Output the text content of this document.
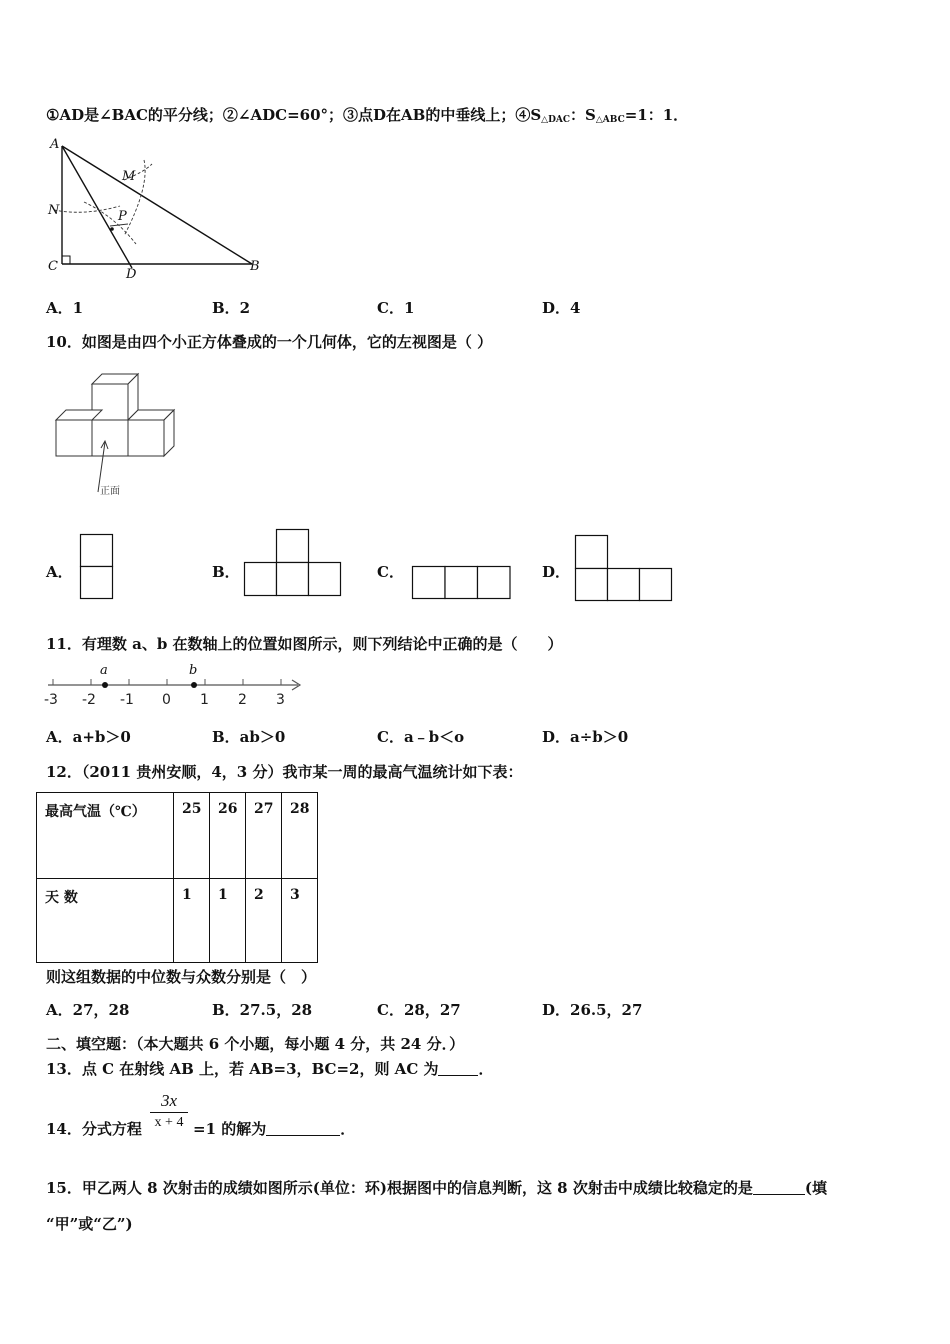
①AD是∠BAC的平分线；②∠ADC=60°；③点D在AB的中垂线上；$④S_{\triangle DAC}$：$S_{\triangle ABC}=1$：1．
A
C
D
B
M
N	P
A．1	B．2	C．1	D．4
10．如图是由四个小正方体叠成的一个几何体，它的左视图是（ ）
正面
A．	B．	C．	D．
11．有理数 a、b 在数轴上的位置如图所示，则下列结论中正确的是（　　）
-3 -2 -1 0 1 2 3
a	b
A．a+b＞0	B．ab＞0	C．a﹣b＜o	D．a÷b＞0
12．（2011 贵州安顺，4，3 分）我市某一周的最高气温统计如下表：
最高气温（℃）	25	26	27	28
天 数	1	1	2	3
则这组数据的中位数与众数分别是（　）
A．27，28	B．27.5，28	C．28，27	D．26.5，27
二、填空题：（本大题共 6 个小题，每小题 4 分，共 24 分．）
13．点 C 在射线 AB 上，若 AB=3，BC=2，则 AC 为	．
14．分式方程
3x
x + 4 =1 的解为	．
15．甲乙两人 8 次射击的成绩如图所示(单位：环)根据图中的信息判断，这 8 次射击中成绩比较稳定的是	(填
“甲”或“乙”)
